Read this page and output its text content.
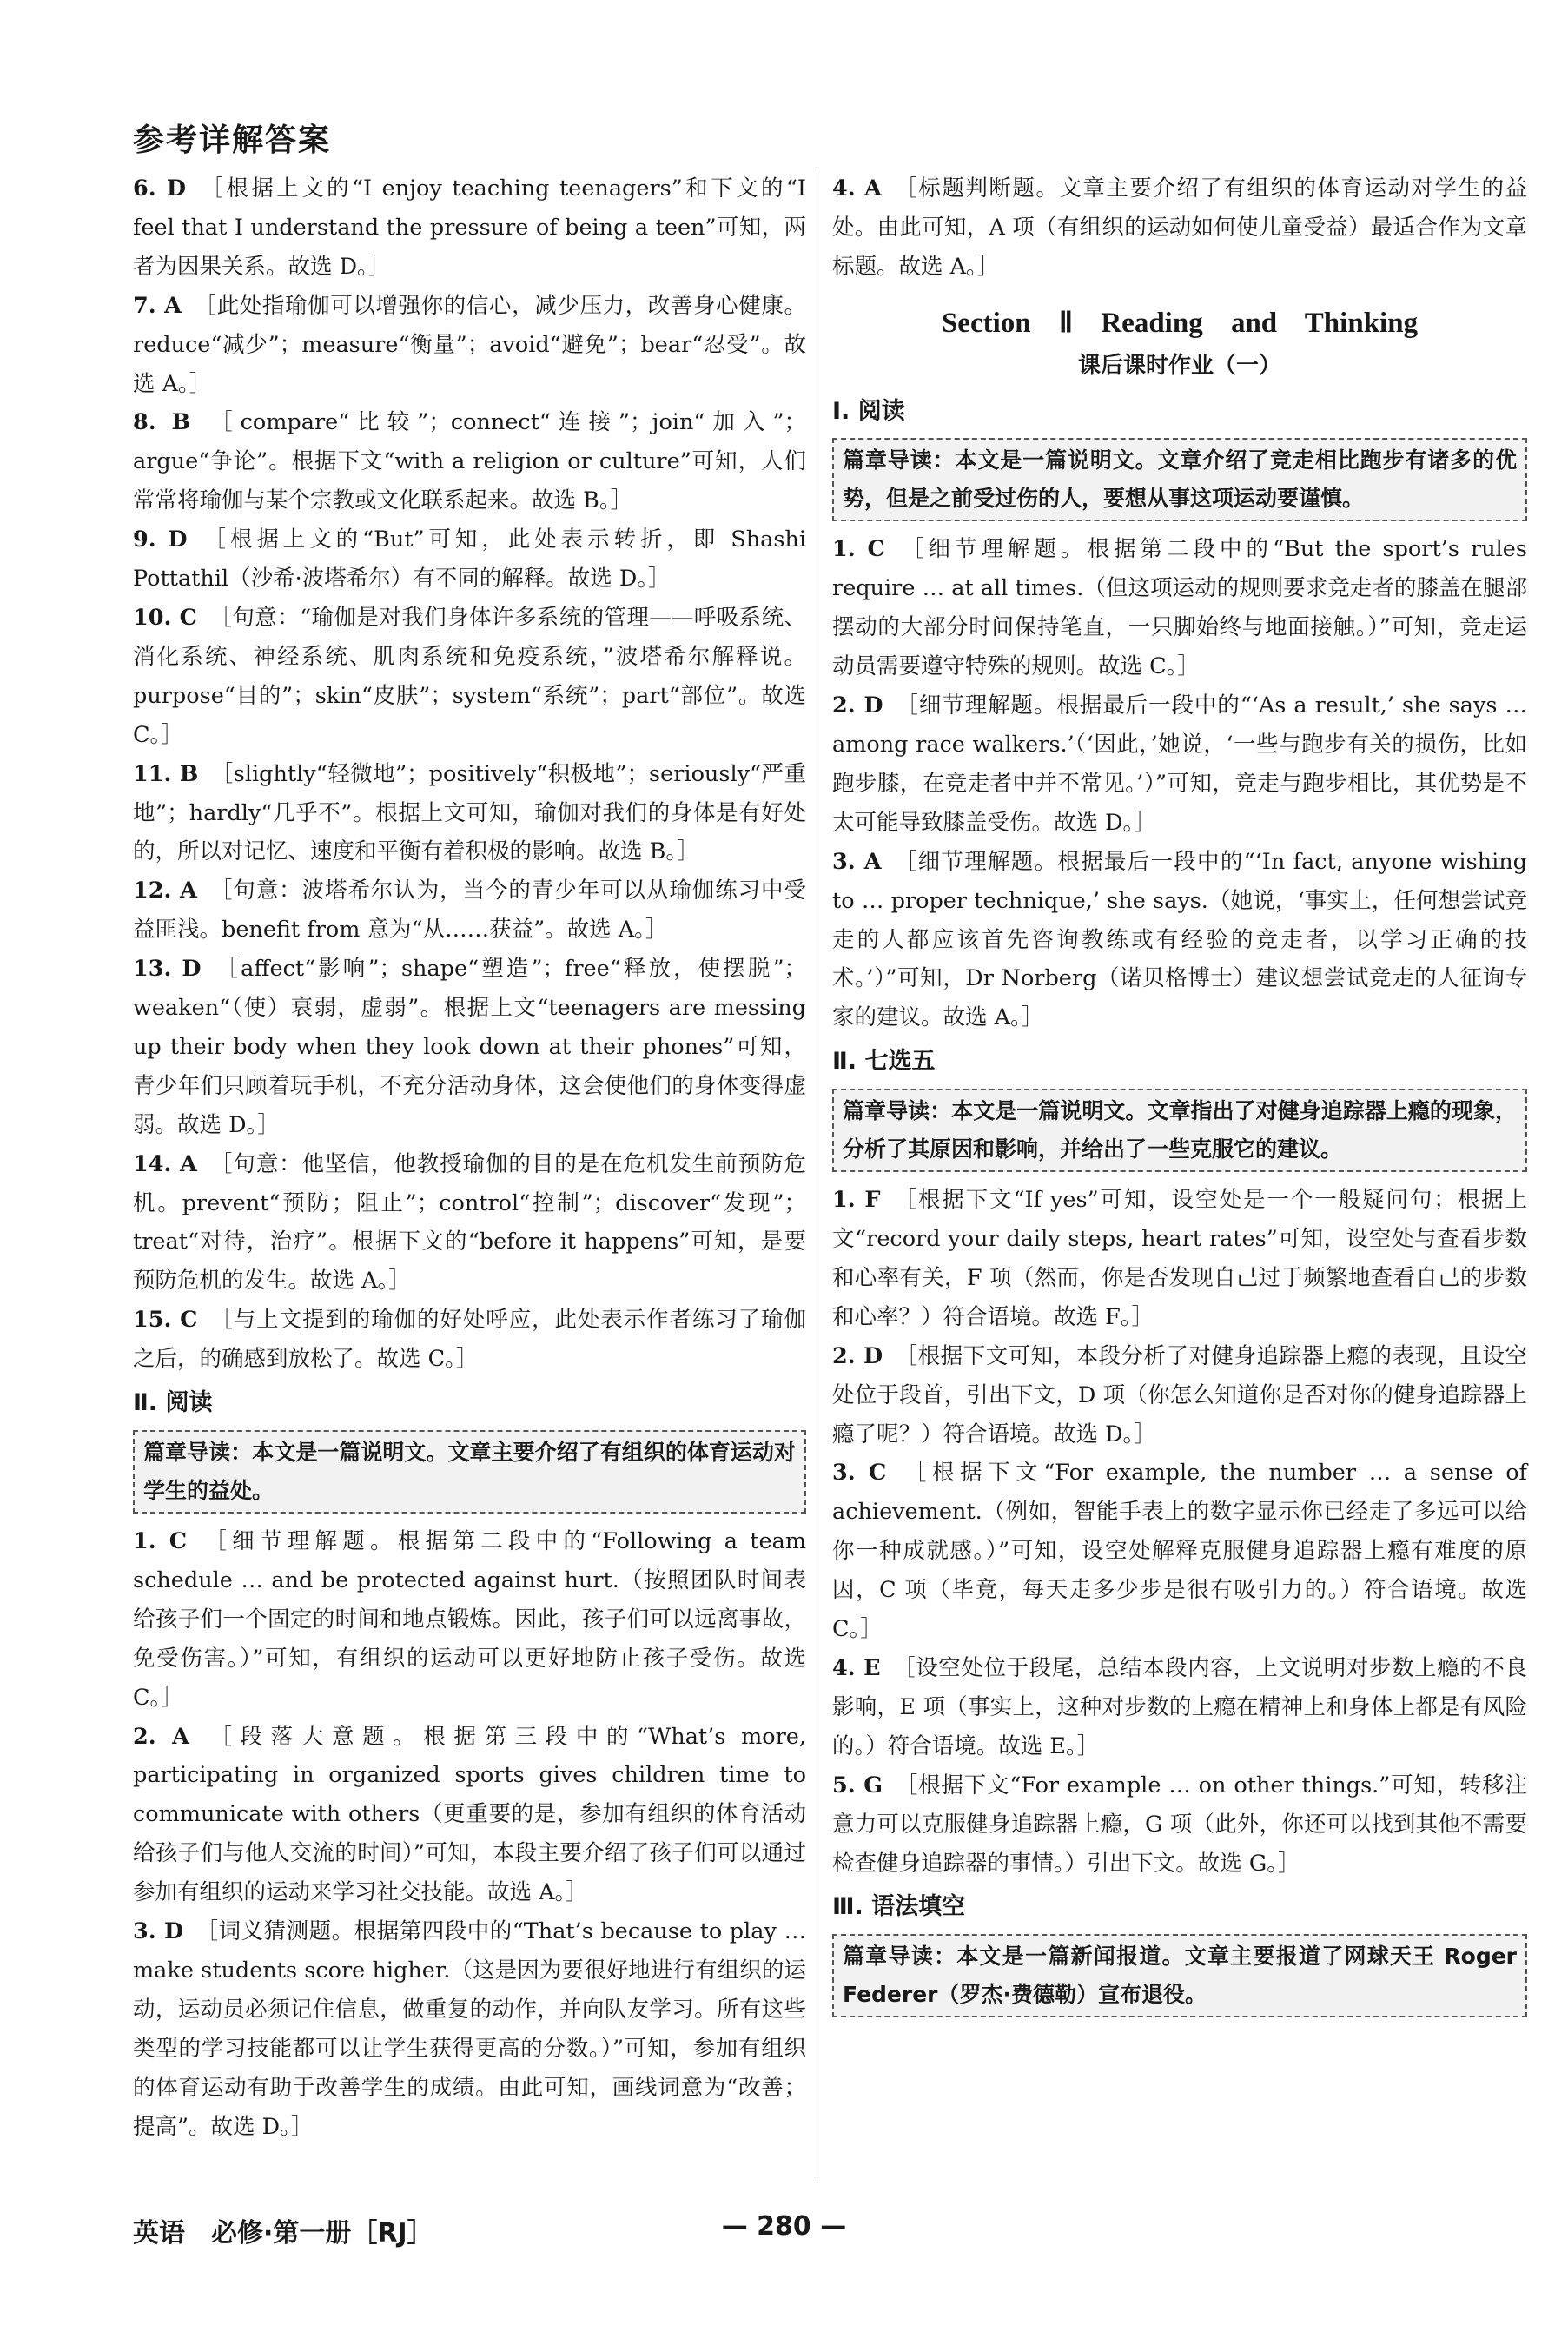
参考详解答案

6. D ［根据上文的“I enjoy teaching teenagers”和下文的“I feel that I understand the pressure of being a teen”可知，两者为因果关系。故选 D。］

7. A ［此处指瑜伽可以增强你的信心，减少压力，改善身心健康。reduce“减少”；measure“衡量”；avoid“避免”；bear“忍受”。故选 A。］

8. B ［compare“比较”；connect“连接”；join“加入”；argue“争论”。根据下文“with a religion or culture”可知，人们常常将瑜伽与某个宗教或文化联系起来。故选 B。］

9. D ［根据上文的“But”可知，此处表示转折，即 Shashi Pottathil（沙希·波塔希尔）有不同的解释。故选 D。］

10. C ［句意：“瑜伽是对我们身体许多系统的管理——呼吸系统、消化系统、神经系统、肌肉系统和免疫系统，”波塔希尔解释说。purpose“目的”；skin“皮肤”；system“系统”；part“部位”。故选 C。］

11. B ［slightly“轻微地”；positively“积极地”；seriously“严重地”；hardly“几乎不”。根据上文可知，瑜伽对我们的身体是有好处的，所以对记忆、速度和平衡有着积极的影响。故选 B。］

12. A ［句意：波塔希尔认为，当今的青少年可以从瑜伽练习中受益匪浅。benefit from 意为“从……获益”。故选 A。］

13. D ［affect“影响”；shape“塑造”；free“释放，使摆脱”；weaken“（使）衰弱，虚弱”。根据上文“teenagers are messing up their body when they look down at their phones”可知，青少年们只顾着玩手机，不充分活动身体，这会使他们的身体变得虚弱。故选 D。］

14. A ［句意：他坚信，他教授瑜伽的目的是在危机发生前预防危机。prevent“预防；阻止”；control“控制”；discover“发现”；treat“对待，治疗”。根据下文的“before it happens”可知，是要预防危机的发生。故选 A。］

15. C ［与上文提到的瑜伽的好处呼应，此处表示作者练习了瑜伽之后，的确感到放松了。故选 C。］

Ⅱ. 阅读
篇章导读：本文是一篇说明文。文章主要介绍了有组织的体育运动对学生的益处。

1. C ［细节理解题。根据第二段中的“Following a team schedule … and be protected against hurt.（按照团队时间表给孩子们一个固定的时间和地点锻炼。因此，孩子们可以远离事故，免受伤害。）”可知，有组织的运动可以更好地防止孩子受伤。故选 C。］

2. A ［段落大意题。根据第三段中的“What’s more, participating in organized sports gives children time to communicate with others（更重要的是，参加有组织的体育活动给孩子们与他人交流的时间）”可知，本段主要介绍了孩子们可以通过参加有组织的运动来学习社交技能。故选 A。］

3. D ［词义猜测题。根据第四段中的“That’s because to play … make students score higher.（这是因为要很好地进行有组织的运动，运动员必须记住信息，做重复的动作，并向队友学习。所有这些类型的学习技能都可以让学生获得更高的分数。）”可知，参加有组织的体育运动有助于改善学生的成绩。由此可知，画线词意为“改善；提高”。故选 D。］

4. A ［标题判断题。文章主要介绍了有组织的体育运动对学生的益处。由此可知，A 项（有组织的运动如何使儿童受益）最适合作为文章标题。故选 A。］

Section Ⅱ Reading and Thinking
课后课时作业（一）
Ⅰ. 阅读
篇章导读：本文是一篇说明文。文章介绍了竞走相比跑步有诸多的优势，但是之前受过伤的人，要想从事这项运动要谨慎。

1. C ［细节理解题。根据第二段中的“But the sport’s rules require … at all times.（但这项运动的规则要求竞走者的膝盖在腿部摆动的大部分时间保持笔直，一只脚始终与地面接触。）”可知，竞走运动员需要遵守特殊的规则。故选 C。］

2. D ［细节理解题。根据最后一段中的“‘As a result,’ she says … among race walkers.’（‘因此，’她说，‘一些与跑步有关的损伤，比如跑步膝，在竞走者中并不常见。’）”可知，竞走与跑步相比，其优势是不太可能导致膝盖受伤。故选 D。］

3. A ［细节理解题。根据最后一段中的“‘In fact, anyone wishing to … proper technique,’ she says.（她说，‘事实上，任何想尝试竞走的人都应该首先咨询教练或有经验的竞走者，以学习正确的技术。’）”可知，Dr Norberg（诺贝格博士）建议想尝试竞走的人征询专家的建议。故选 A。］

Ⅱ. 七选五
篇章导读：本文是一篇说明文。文章指出了对健身追踪器上瘾的现象，分析了其原因和影响，并给出了一些克服它的建议。

1. F ［根据下文“If yes”可知，设空处是一个一般疑问句；根据上文“record your daily steps, heart rates”可知，设空处与查看步数和心率有关，F 项（然而，你是否发现自己过于频繁地查看自己的步数和心率？）符合语境。故选 F。］

2. D ［根据下文可知，本段分析了对健身追踪器上瘾的表现，且设空处位于段首，引出下文，D 项（你怎么知道你是否对你的健身追踪器上瘾了呢？）符合语境。故选 D。］

3. C ［根据下文“For example, the number … a sense of achievement.（例如，智能手表上的数字显示你已经走了多远可以给你一种成就感。）”可知，设空处解释克服健身追踪器上瘾有难度的原因，C 项（毕竟，每天走多少步是很有吸引力的。）符合语境。故选 C。］

4. E ［设空处位于段尾，总结本段内容，上文说明对步数上瘾的不良影响，E 项（事实上，这种对步数的上瘾在精神上和身体上都是有风险的。）符合语境。故选 E。］

5. G ［根据下文“For example … on other things.”可知，转移注意力可以克服健身追踪器上瘾，G 项（此外，你还可以找到其他不需要检查健身追踪器的事情。）引出下文。故选 G。］

Ⅲ. 语法填空
篇章导读：本文是一篇新闻报道。文章主要报道了网球天王 Roger Federer（罗杰·费德勒）宣布退役。
英语　必修·第一册［RJ］	— 280 —
